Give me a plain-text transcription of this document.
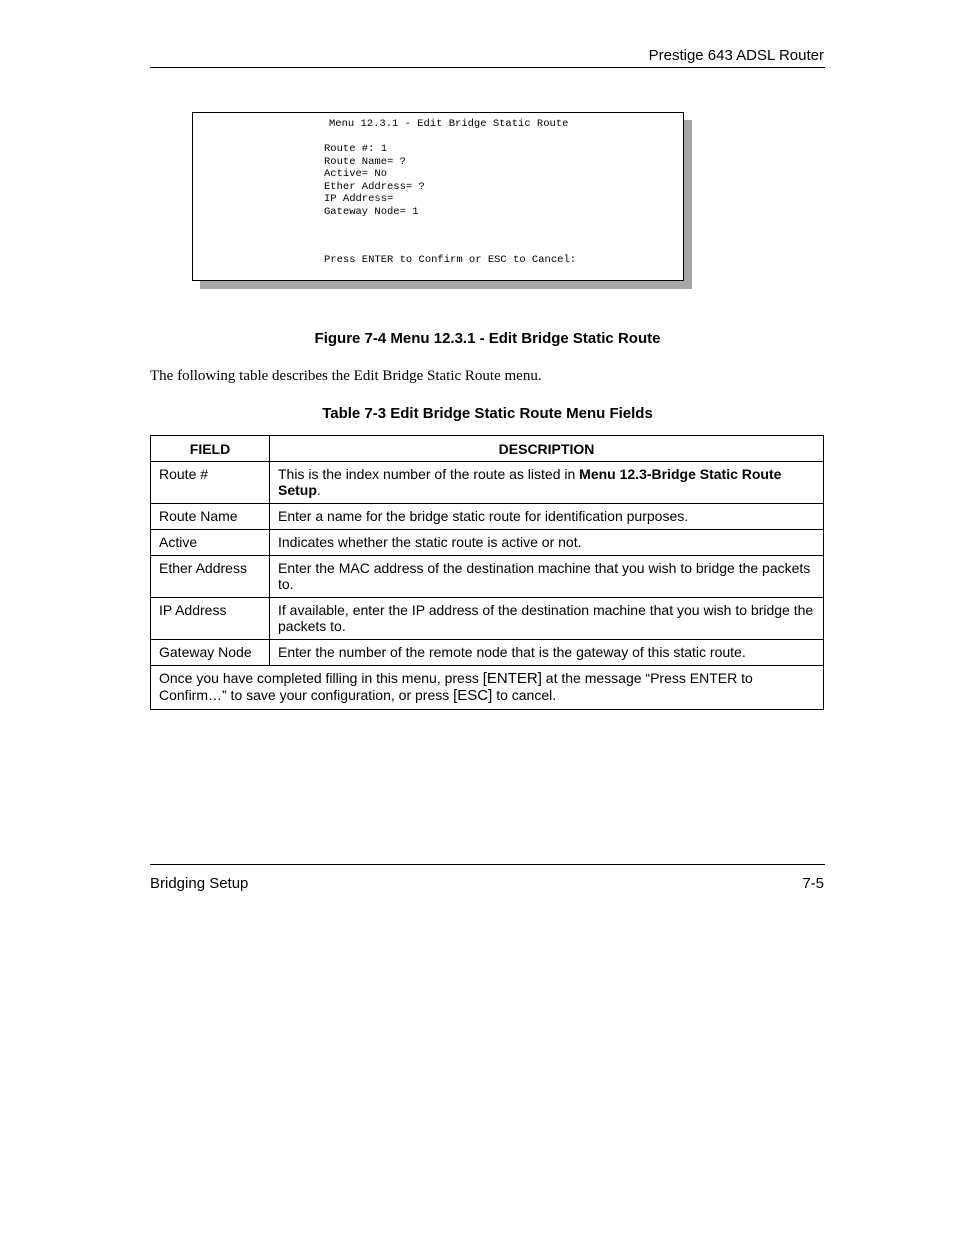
Prestige 643 ADSL Router
Menu 12.3.1 - Edit Bridge Static Route
Route #: 1
Route Name= ?
Active= No
Ether Address= ?
IP Address=
Gateway Node= 1
Press ENTER to Confirm or ESC to Cancel:
Figure 7-4 Menu 12.3.1 - Edit Bridge Static Route
The following table describes the Edit Bridge Static Route menu.
Table 7-3 Edit Bridge Static Route Menu Fields
FIELD	DESCRIPTION
Route #	This is the index number of the route as listed in Menu 12.3-Bridge Static Route Setup.
Route Name	Enter a name for the bridge static route for identification purposes.
Active	Indicates whether the static route is active or not.
Ether Address	Enter the MAC address of the destination machine that you wish to bridge the packets to.
IP Address	If available, enter the IP address of the destination machine that you wish to bridge the packets to.
Gateway Node	Enter the number of the remote node that is the gateway of this static route.
Once you have completed filling in this menu, press [ENTER] at the message “Press ENTER to Confirm…” to save your configuration, or press [ESC] to cancel.	
Bridging Setup	7-5
